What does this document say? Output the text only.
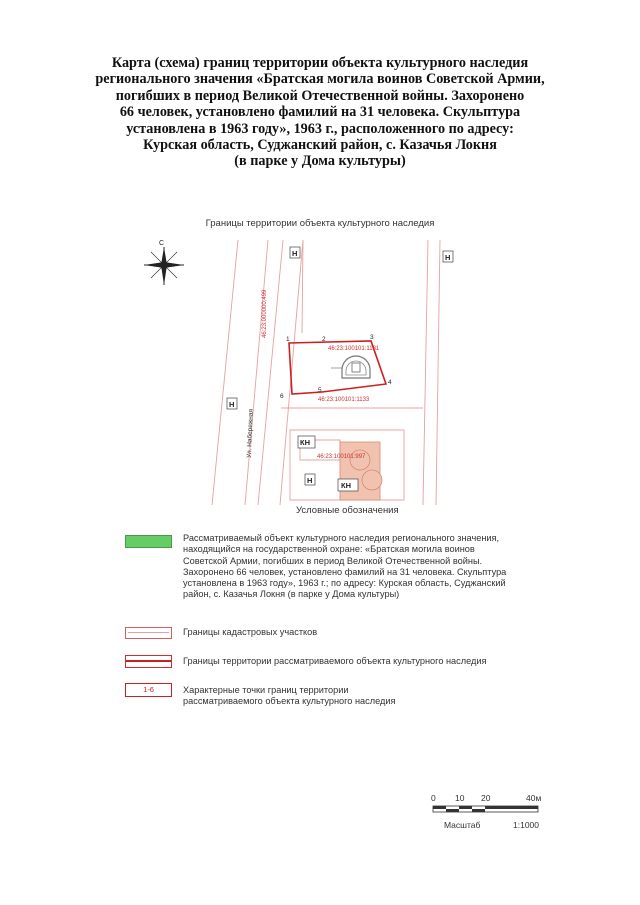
Карта (схема) границ территории объекта культурного наследия
регионального значения «Братская могила воинов Советской Армии,
погибших в период Великой Отечественной войны. Захоронено
66 человек, установлено фамилий на 31 человека. Скульптура
установлена в 1963 году», 1963 г., расположенного по адресу:
Курская область, Суджанский район, с. Казачья Локня
(в парке у Дома культуры)
Границы территории объекта культурного наследия
С
Н	Н
Н
Н
КН
КН
46:23:100101:1131
46:23:100101:1133
46:23:100101:997
46:23:000000:499
Ул. Набережная
1	2	3
4
5
6
Условные обозначения
Рассматриваемый объект культурного наследия регионального значения,
находящийся на государственной охране: «Братская могила воинов
Советской Армии, погибших в период Великой Отечественной войны.
Захоронено 66 человек, установлено фамилий на 31 человека. Скульптура
установлена в 1963 году», 1963 г.; по адресу: Курская область, Суджанский
район, с. Казачья Локня (в парке у Дома культуры)
Границы кадастровых участков
Границы территории рассматриваемого объекта культурного наследия
1-6	Характерные точки границ территории
рассматриваемого объекта культурного наследия
0 10 20	40м
Масштаб	1:1000
